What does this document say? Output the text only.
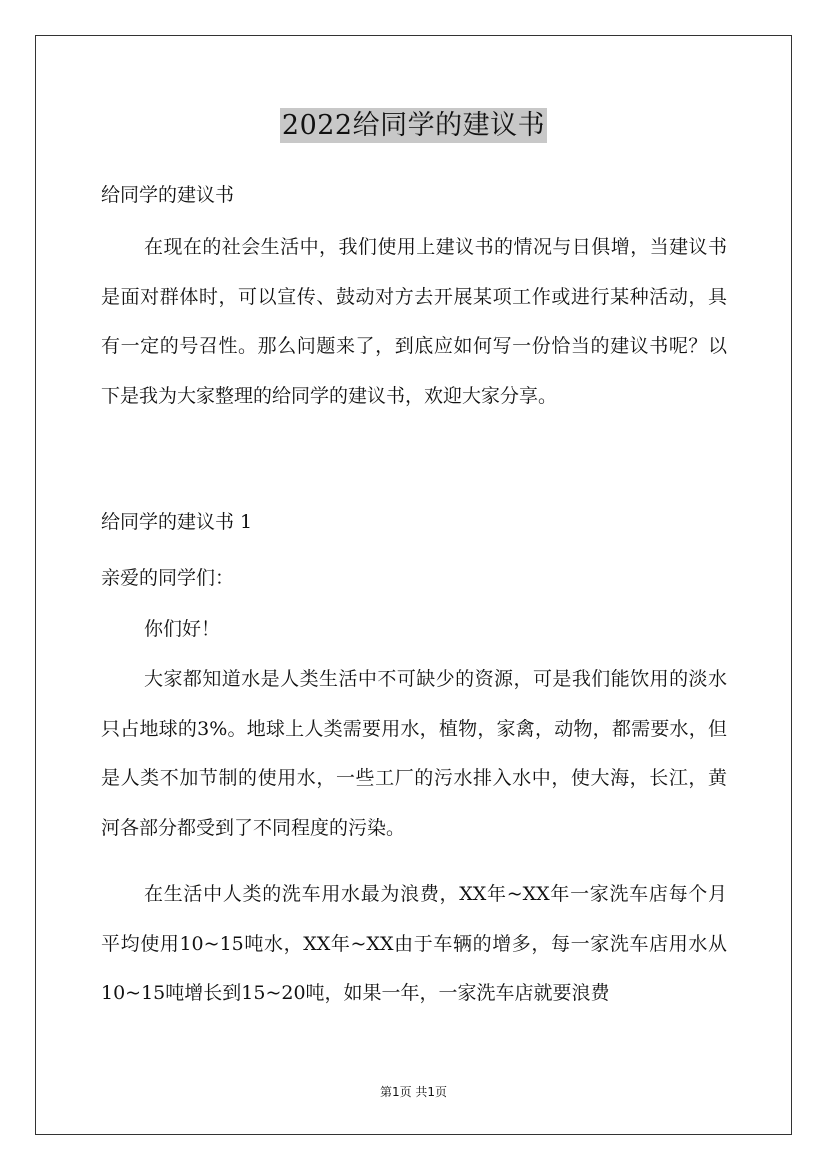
2022给同学的建议书
给同学的建议书
在现在的社会生活中，我们使用上建议书的情况与日俱增，当建议书是面对群体时，可以宣传、鼓动对方去开展某项工作或进行某种活动，具有一定的号召性。那么问题来了，到底应如何写一份恰当的建议书呢？以下是我为大家整理的给同学的建议书，欢迎大家分享。
给同学的建议书 1
亲爱的同学们：
你们好！
大家都知道水是人类生活中不可缺少的资源，可是我们能饮用的淡水只占地球的3%。地球上人类需要用水，植物，家禽，动物，都需要水，但是人类不加节制的使用水，一些工厂的污水排入水中，使大海，长江，黄河各部分都受到了不同程度的污染。
在生活中人类的洗车用水最为浪费，XX年~XX年一家洗车店每个月平均使用10~15吨水，XX年~XX由于车辆的增多，每一家洗车店用水从10~15吨增长到15~20吨，如果一年，一家洗车店就要浪费
第1页 共1页
